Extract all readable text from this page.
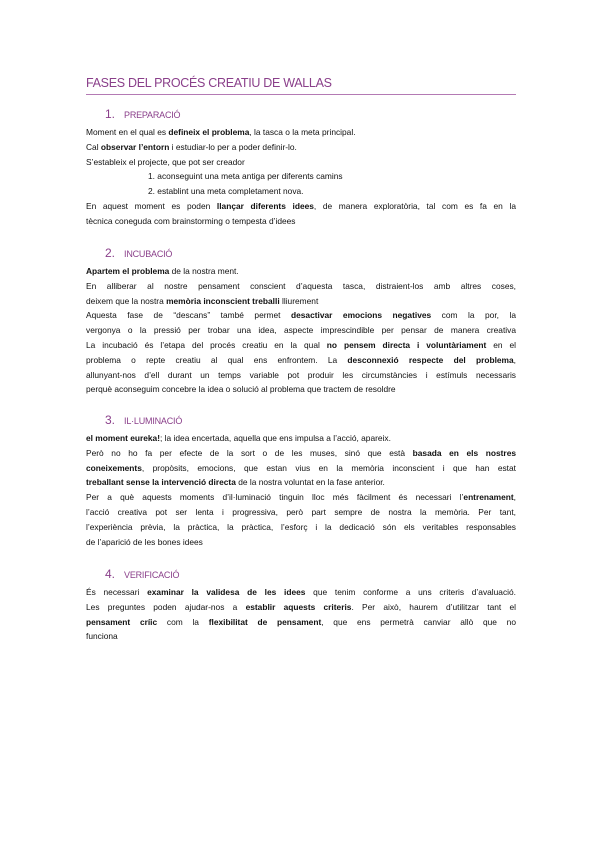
FASES DEL PROCÉS CREATIU DE WALLAS
1. PREPARACIÓ
Moment en el qual es defineix el problema, la tasca o la meta principal.
Cal observar l’entorn i estudiar-lo per a poder definir-lo.
S’estableix el projecte, que pot ser creador
1. aconseguint una meta antiga per diferents camins
2. establint una meta completament nova.
En aquest moment es poden llançar diferents idees, de manera exploratòria, tal com es fa en la
tècnica coneguda com brainstorming o tempesta d’idees
2. INCUBACIÓ
Apartem el problema de la nostra ment.
En alliberar al nostre pensament conscient d’aquesta tasca, distraient-los amb altres coses,
deixem que la nostra memòria inconscient treballi lliurement
Aquesta fase de “descans” també permet desactivar emocions negatives com la por, la
vergonya o la pressió per trobar una idea, aspecte imprescindible per pensar de manera creativa
La incubació és l’etapa del procés creatiu en la qual no pensem directa i voluntàriament en el
problema o repte creatiu al qual ens enfrontem. La desconnexió respecte del problema,
allunyant-nos d’ell durant un temps variable pot produir les circumstàncies i estímuls necessaris
perquè aconseguim concebre la idea o solució al problema que tractem de resoldre
3. IL·LUMINACIÓ
el moment eureka!; la idea encertada, aquella que ens impulsa a l’acció, apareix.
Però no ho fa per efecte de la sort o de les muses, sinó que està basada en els nostres
coneixements, propòsits, emocions, que estan vius en la memòria inconscient i que han estat
treballant sense la intervenció directa de la nostra voluntat en la fase anterior.
Per a què aquests moments d’il·luminació tinguin lloc més fàcilment és necessari l’entrenament,
l’acció creativa pot ser lenta i progressiva, però part sempre de nostra la memòria. Per tant,
l’experiència prèvia, la pràctica, la pràctica, l’esforç i la dedicació són els veritables responsables
de l’aparició de les bones idees
4. VERIFICACIÓ
És necessari examinar la validesa de les idees que tenim conforme a uns criteris d’avaluació.
Les preguntes poden ajudar-nos a establir aquests criteris. Per això, haurem d’utilitzar tant el
pensament críic com la flexibilitat de pensament, que ens permetrà canviar allò que no
funciona
